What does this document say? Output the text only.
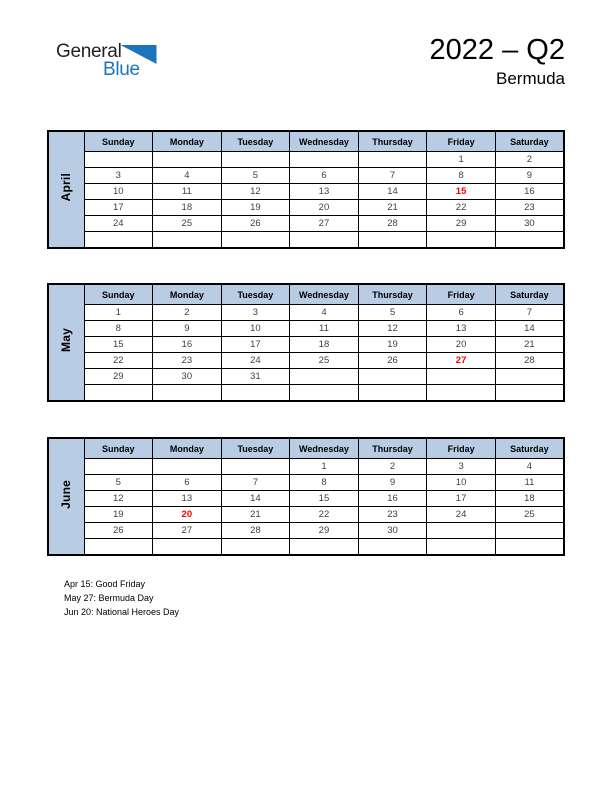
General
Blue
2022 – Q2
Bermuda
April	Sunday	Monday	Tuesday	Wednesday	Thursday	Friday	Saturday
						1	2
	3	4	5	6	7	8	9
	10	11	12	13	14	15	16
	17	18	19	20	21	22	23
	24	25	26	27	28	29	30

May	Sunday	Monday	Tuesday	Wednesday	Thursday	Friday	Saturday
	1	2	3	4	5	6	7
	8	9	10	11	12	13	14
	15	16	17	18	19	20	21
	22	23	24	25	26	27	28
	29	30	31				

June	Sunday	Monday	Tuesday	Wednesday	Thursday	Friday	Saturday
				1	2	3	4
	5	6	7	8	9	10	11
	12	13	14	15	16	17	18
	19	20	21	22	23	24	25
	26	27	28	29	30		

Apr 15: Good Friday
May 27: Bermuda Day
Jun 20: National Heroes Day
